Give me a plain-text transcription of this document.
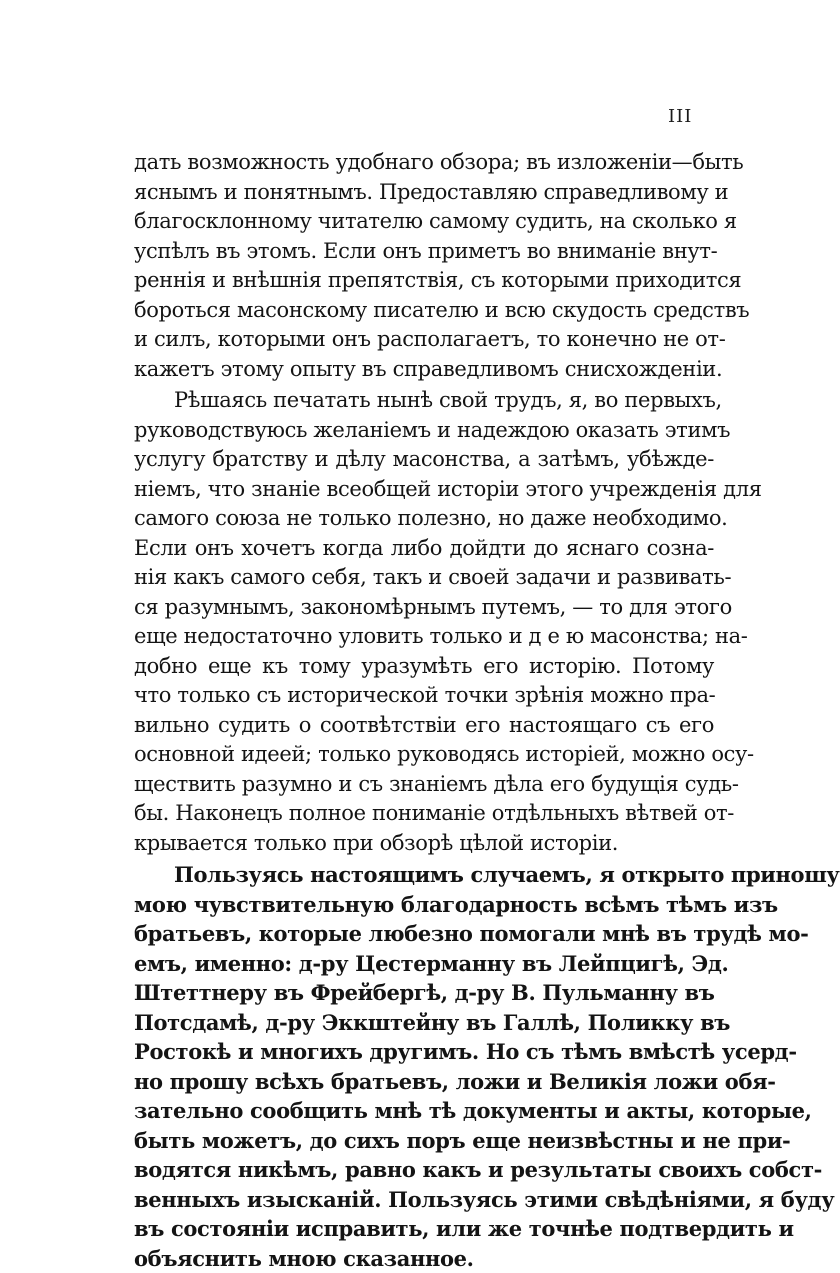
III
дать возможность удобнаго обзора; въ изложенiи—быть
яснымъ и понятнымъ. Предоставляю справедливому и
благосклонному читателю самому судить, на сколько я
успѣлъ въ этомъ. Если онъ приметъ во вниманiе внут-
реннiя и внѣшнiя препятствiя, съ которыми приходится
бороться масонскому писателю и всю скудость средствъ
и силъ, которыми онъ располагаетъ, то конечно не от-
кажетъ этому опыту въ справедливомъ снисхожденiи.
Рѣшаясь печатать нынѣ свой трудъ, я, во первыхъ,
руководствуюсь желанiемъ и надеждою оказать этимъ
услугу братству и дѣлу масонства, а затѣмъ, убѣжде-
нiемъ, что знанiе всеобщей исторiи этого учрежденiя для
самого союза не только полезно, но даже необходимо.
Если онъ хочетъ когда либо дойдти до яснаго созна-
нiя какъ самого себя, такъ и своей задачи и развивать-
ся разумнымъ, закономѣрнымъ путемъ, — то для этого
еще недостаточно уловить только и д е ю масонства; на-
добно еще къ тому уразумѣть его исторiю. Потому
что только съ исторической точки зрѣнiя можно пра-
вильно судить о соотвѣтствiи его настоящаго съ его
основной идеей; только руководясь исторiей, можно осу-
ществить разумно и съ знанiемъ дѣла его будущiя судь-
бы. Наконецъ полное пониманiе отдѣльныхъ вѣтвей от-
крывается только при обзорѣ цѣлой исторiи.
Пользуясь настоящимъ случаемъ, я открыто приношу
мою чувствительную благодарность всѣмъ тѣмъ изъ
братьевъ, которые любезно помогали мнѣ въ трудѣ мо-
емъ, именно: д-ру Цестерманну въ Лейпцигѣ, Эд.
Штеттнеру въ Фрейбергѣ, д-ру В. Пульманну въ
Потсдамѣ, д-ру Эккштейну въ Галлѣ, Поликку въ
Ростокѣ и многихъ другимъ. Но съ тѣмъ вмѣстѣ усерд-
но прошу всѣхъ братьевъ, ложи и Великiя ложи обя-
зательно сообщить мнѣ тѣ документы и акты, которые,
быть можетъ, до сихъ поръ еще неизвѣстны и не при-
водятся никѣмъ, равно какъ и результаты своихъ собст-
венныхъ изысканiй. Пользуясь этими свѣдѣнiями, я буду
въ состоянiи исправить, или же точнѣе подтвердить и
объяснить мною сказанное.
